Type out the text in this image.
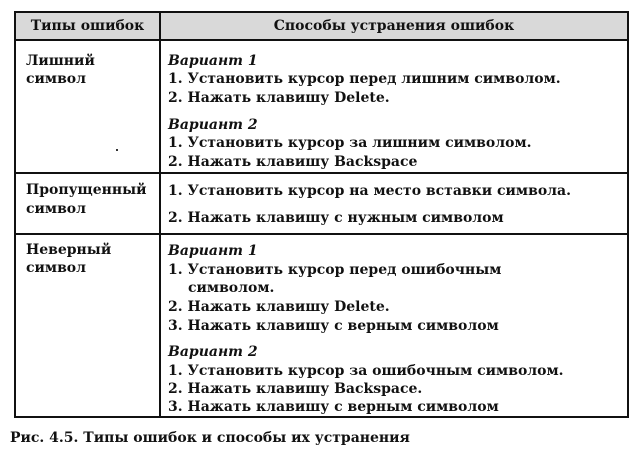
Типы ошибок	Способы устранения ошибок
Лишний
символ
Вариант 1
1. Установить курсор перед лишним символом.
2. Нажать клавишу Delete.
Вариант 2
1. Установить курсор за лишним символом.
2. Нажать клавишу Backspace
Пропущенный
символ
1. Установить курсор на место вставки символа.
2. Нажать клавишу с нужным символом
Неверный
символ
Вариант 1
1. Установить курсор перед ошибочным
символом.
2. Нажать клавишу Delete.
3. Нажать клавишу с верным символом
Вариант 2
1. Установить курсор за ошибочным символом.
2. Нажать клавишу Backspace.
3. Нажать клавишу с верным символом
Рис. 4.5. Типы ошибок и способы их устранения
